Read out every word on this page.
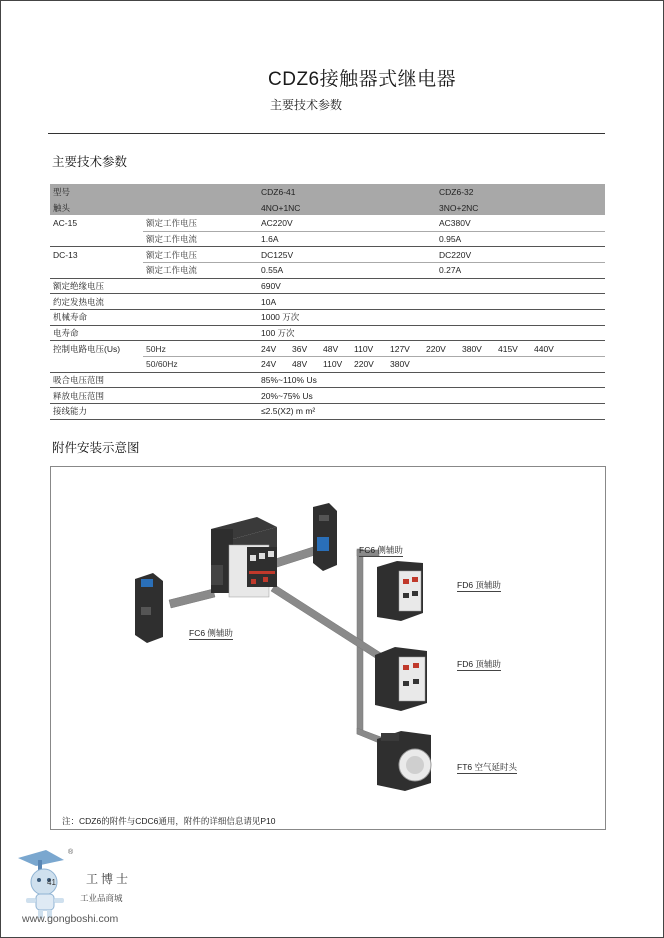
CDZ6接触器式继电器
主要技术参数
主要技术参数
型号		CDZ6-41	CDZ6-32
触头		4NO+1NC	3NO+2NC
AC-15	额定工作电压	AC220V	AC380V
	额定工作电流	1.6A	0.95A
DC-13	额定工作电压	DC125V	DC220V
	额定工作电流	0.55A	0.27A
额定绝缘电压		690V	
约定发热电流		10A	
机械寿命		1000 万次	
电寿命		100 万次	
控制电路电压(Us)	50Hz	24V 36V 48V 110V 127V 220V 380V 415V 440V	
	50/60Hz	24V 48V 110V 220V 380V	
吸合电压范围		85%~110% Us	
释放电压范围		20%~75% Us	
接线能力		≤2.5(X2) m m²	
附件安装示意图
FC6 侧辅助
FD6 顶辅助
FC6 侧辅助
FD6 顶辅助
FT6 空气延时头
注：CDZ6的附件与CDC6通用，附件的详细信息请见P10
®
41	工博士
工业品商城
www.gongboshi.com
